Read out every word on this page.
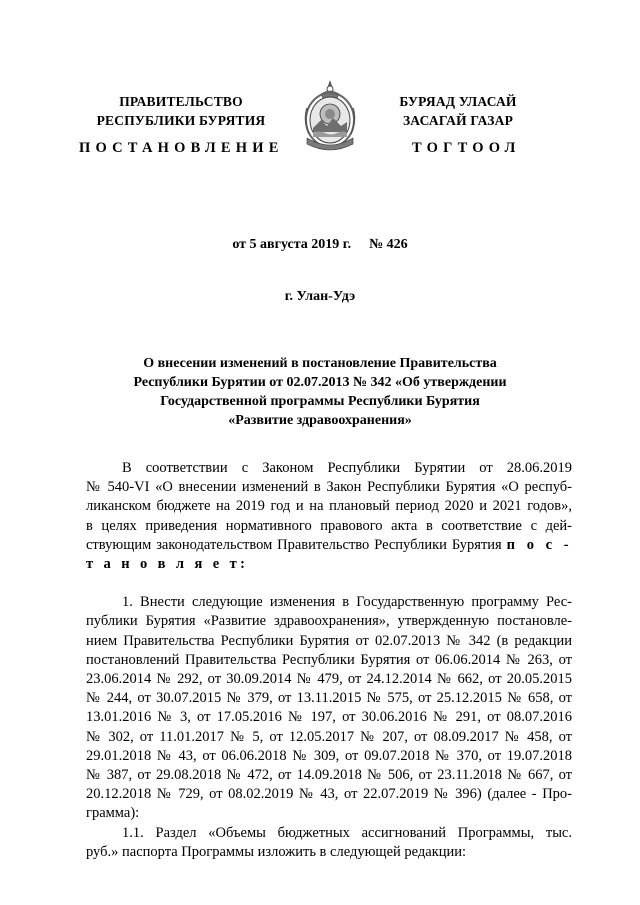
ПРАВИТЕЛЬСТВО
РЕСПУБЛИКИ БУРЯТИЯ
БУРЯАД УЛАСАЙ
ЗАСАГАЙ ГАЗАР
ПОСТАНОВЛЕНИЕ	ТОГТООЛ
от 5 августа 2019 г. № 426
г. Улан-Удэ
О внесении изменений в постановление Правительства
Республики Бурятии от 02.07.2013 № 342 «Об утверждении
Государственной программы Республики Бурятия
«Развитие здравоохранения»

В соответствии с Законом Республики Бурятии от 28.06.2019
№ 540-VI «О внесении изменений в Закон Республики Бурятия «О респуб-
ликанском бюджете на 2019 год и на плановый период 2020 и 2021 годов»,
в целях приведения нормативного правового акта в соответствие с дей-
ствующим законодательством Правительство Республики Бурятия п о с -
т а н о в л я е т:

1. Внести следующие изменения в Государственную программу Рес-
публики Бурятия «Развитие здравоохранения», утвержденную постановле-
нием Правительства Республики Бурятия от 02.07.2013 № 342 (в редакции
постановлений Правительства Республики Бурятия от 06.06.2014 № 263, от
23.06.2014 № 292, от 30.09.2014 № 479, от 24.12.2014 № 662, от 20.05.2015
№ 244, от 30.07.2015 № 379, от 13.11.2015 № 575, от 25.12.2015 № 658, от
13.01.2016 № 3, от 17.05.2016 № 197, от 30.06.2016 № 291, от 08.07.2016
№ 302, от 11.01.2017 № 5, от 12.05.2017 № 207, от 08.09.2017 № 458, от
29.01.2018 № 43, от 06.06.2018 № 309, от 09.07.2018 № 370, от 19.07.2018
№ 387, от 29.08.2018 № 472, от 14.09.2018 № 506, от 23.11.2018 № 667, от
20.12.2018 № 729, от 08.02.2019 № 43, от 22.07.2019 № 396) (далее - Про-
грамма):

1.1. Раздел «Объемы бюджетных ассигнований Программы, тыс.
руб.» паспорта Программы изложить в следующей редакции:
